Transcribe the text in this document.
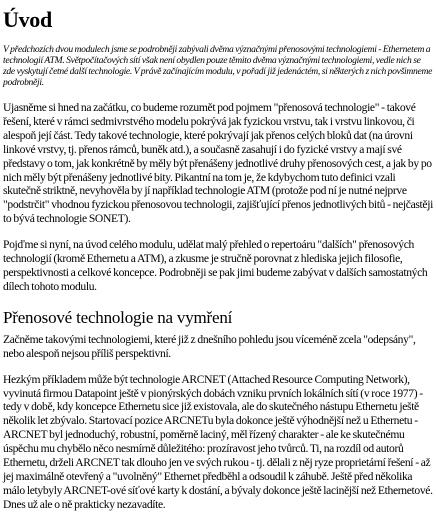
Úvod

V předchozích dvou modulech jsme se podrobněji zabývali dvěma význačnými přenosovými technologiemi - Ethernetem a technologií ATM. Světpočítačových sítí však není obydlen pouze těmito dvěma význačnými technologiemi, vedle nich se zde vyskytují četné další technologie. V právě začínajícím modulu, v pořadí již jedenáctém, si některých z nich povšimneme podrobněji.

Ujasněme si hned na začátku, co budeme rozumět pod pojmem "přenosová technologie" - takové řešení, které v rámci sedmivrstvého modelu pokrývá jak fyzickou vrstvu, tak i vrstvu linkovou, či alespoň její část. Tedy takové technologie, které pokrývají jak přenos celých bloků dat (na úrovni linkové vrstvy, tj. přenos rámců, buněk atd.), a současně zasahují i do fyzické vrstvy a mají své představy o tom, jak konkrétně by měly být přenášeny jednotlivé druhy přenosových cest, a jak by po nich měly být přenášeny jednotlivé bity. Pikantní na tom je, že kdybychom tuto definici vzali skutečně striktně, nevyhověla by jí například technologie ATM (protože pod ní je nutné nejprve "podstrčit" vhodnou fyzickou přenosovou technologii, zajišťující přenos jednotlivých bitů - nejčastěji to bývá technologie SONET).

Pojďme si nyní, na úvod celého modulu, udělat malý přehled o repertoáru "dalších" přenosových technologií (kromě Ethernetu a ATM), a zkusme je stručně porovnat z hlediska jejich filosofie, perspektivnosti a celkové koncepce. Podrobněji se pak jimi budeme zabývat v dalších samostatných dílech tohoto modulu.

Přenosové technologie na vymření

Začněme takovými technologiemi, které již z dnešního pohledu jsou víceméně zcela "odepsány", nebo alespoň nejsou příliš perspektivní.

Hezkým příkladem může být technologie ARCNET (Attached Resource Computing Network), vyvinutá firmou Datapoint ještě v pionýrských dobách vzniku prvních lokálních sítí (v roce 1977) - tedy v době, kdy koncepce Ethernetu sice již existovala, ale do skutečného nástupu Ethernetu ještě několik let zbývalo. Startovací pozice ARCNETu byla dokonce ještě výhodnější než u Ethernetu - ARCNET byl jednoduchý, robustní, poměrně laciný, měl řízený charakter - ale ke skutečnému úspěchu mu chybělo něco nesmírně důležitého: prozíravost jeho tvůrců. Ti, na rozdíl od autorů Ethernetu, drželi ARCNET tak dlouho jen ve svých rukou - tj. dělali z něj ryze proprietární řešení - až jej maximálně otevřený a "uvolněný" Ethernet předběhl a odsoudil k záhubě. Ještě před několika málo letybyly ARCNET-ové síťové karty k dostání, a bývaly dokonce ještě lacinější než Ethernetové. Dnes už ale o ně prakticky nezavadíte.
